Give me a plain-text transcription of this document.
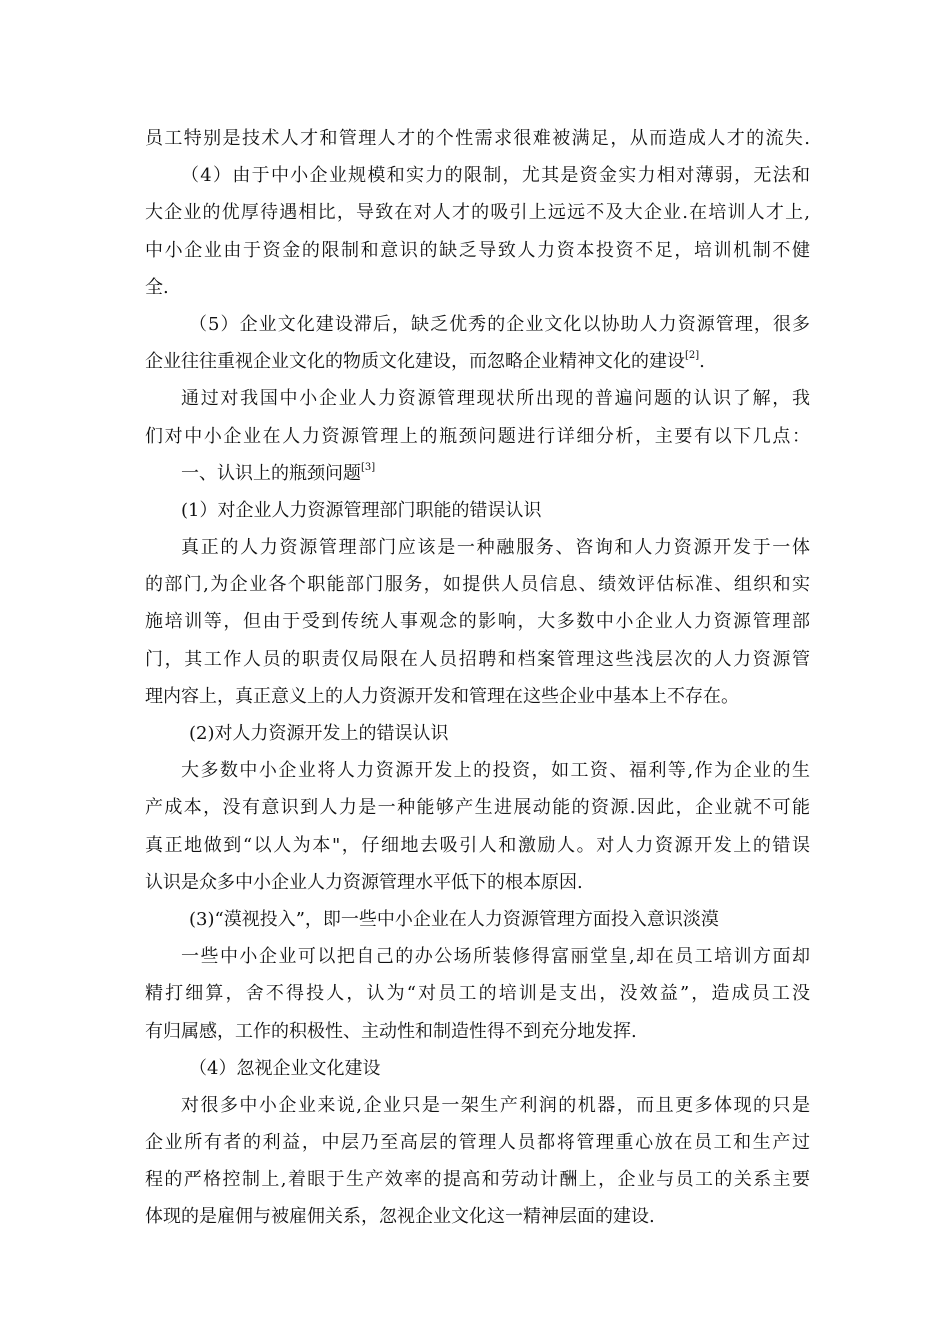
员工特别是技术人才和管理人才的个性需求很难被满足，从而造成人才的流失.
（4）由于中小企业规模和实力的限制，尤其是资金实力相对薄弱，无法和
大企业的优厚待遇相比，导致在对人才的吸引上远远不及大企业.在培训人才上,
中小企业由于资金的限制和意识的缺乏导致人力资本投资不足，培训机制不健
全.
（5）企业文化建设滞后，缺乏优秀的企业文化以协助人力资源管理，很多
企业往往重视企业文化的物质文化建设，而忽略企业精神文化的建设[2].
通过对我国中小企业人力资源管理现状所出现的普遍问题的认识了解，我
们对中小企业在人力资源管理上的瓶颈问题进行详细分析，主要有以下几点：
一、认识上的瓶颈问题[3]
(1）对企业人力资源管理部门职能的错误认识
真正的人力资源管理部门应该是一种融服务、咨询和人力资源开发于一体
的部门,为企业各个职能部门服务，如提供人员信息、绩效评估标准、组织和实
施培训等，但由于受到传统人事观念的影响，大多数中小企业人力资源管理部
门，其工作人员的职责仅局限在人员招聘和档案管理这些浅层次的人力资源管
理内容上，真正意义上的人力资源开发和管理在这些企业中基本上不存在。
(2)对人力资源开发上的错误认识
大多数中小企业将人力资源开发上的投资，如工资、福利等,作为企业的生
产成本，没有意识到人力是一种能够产生进展动能的资源.因此，企业就不可能
真正地做到“以人为本"，仔细地去吸引人和激励人。对人力资源开发上的错误
认识是众多中小企业人力资源管理水平低下的根本原因.
(3)“漠视投入”，即一些中小企业在人力资源管理方面投入意识淡漠
一些中小企业可以把自己的办公场所装修得富丽堂皇,却在员工培训方面却
精打细算，舍不得投人，认为“对员工的培训是支出，没效益”，造成员工没
有归属感，工作的积极性、主动性和制造性得不到充分地发挥.
（4）忽视企业文化建设
对很多中小企业来说,企业只是一架生产利润的机器，而且更多体现的只是
企业所有者的利益，中层乃至高层的管理人员都将管理重心放在员工和生产过
程的严格控制上,着眼于生产效率的提高和劳动计酬上，企业与员工的关系主要
体现的是雇佣与被雇佣关系，忽视企业文化这一精神层面的建设.
